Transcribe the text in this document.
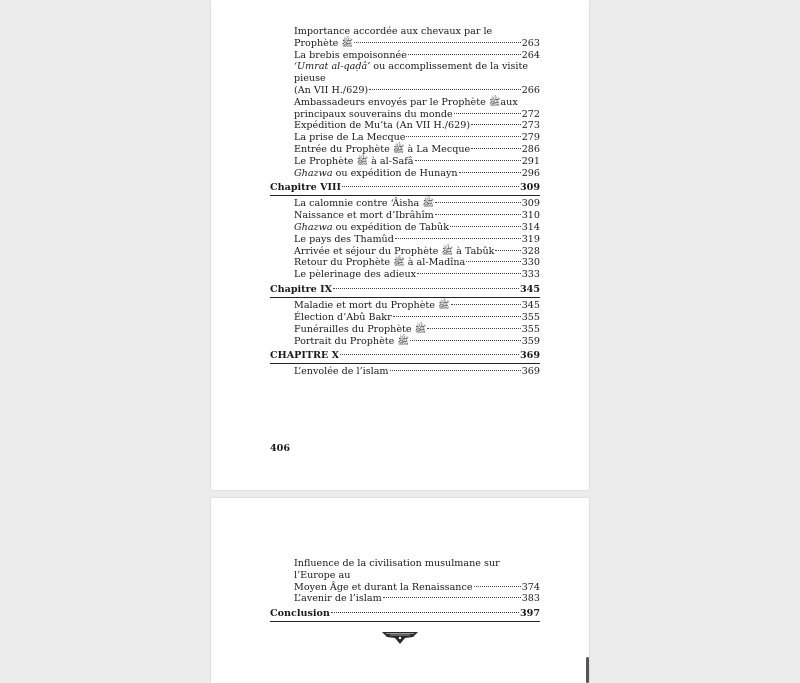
Importance accordée aux chevaux par le
Prophète ﷺ	263
La brebis empoisonnée	264
‘Umrat al-qaḍâ’ ou accomplissement de la visite pieuse
(An VII H./629)	266
Ambassadeurs envoyés par le Prophète ﷺaux
principaux souverains du monde	272
Expédition de Mu’ta (An VII H./629)	273
La prise de La Mecque	279
Entrée du Prophète ﷺ à La Mecque	286
Le Prophète ﷺ à al-Safâ	291
Ghazwa ou expédition de Hunayn	296
Chapitre VIII	309
La calomnie contre ‘Âisha ﷺ	309
Naissance et mort d’Ibrâhîm	310
Ghazwa ou expédition de Tabûk	314
Le pays des Thamûd	319
Arrivée et séjour du Prophète ﷺ à Tabûk	328
Retour du Prophète ﷺ à al-Madîna	330
Le pèlerinage des adieux	333
Chapitre IX	345
Maladie et mort du Prophète ﷺ	345
Élection d’Abû Bakr	355
Funérailles du Prophète ﷺ	355
Portrait du Prophète ﷺ	359
CHAPITRE X	369
L’envolée de l’islam	369
406
Influence de la civilisation musulmane sur l’Europe au
Moyen Âge et durant la Renaissance	374
L’avenir de l’islam	383
Conclusion	397
